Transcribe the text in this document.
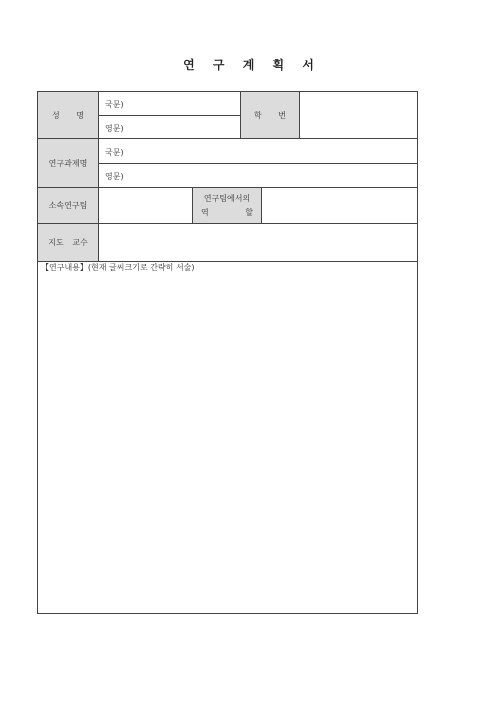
연 구 계 획 서
성 명
국문)
영문)
학 번
연구과제명
국문)
영문)
소속연구팀
연구팀에서의
역	할
지도 교수
【연구내용】(현재 글씨크기로 간략히 서술)
